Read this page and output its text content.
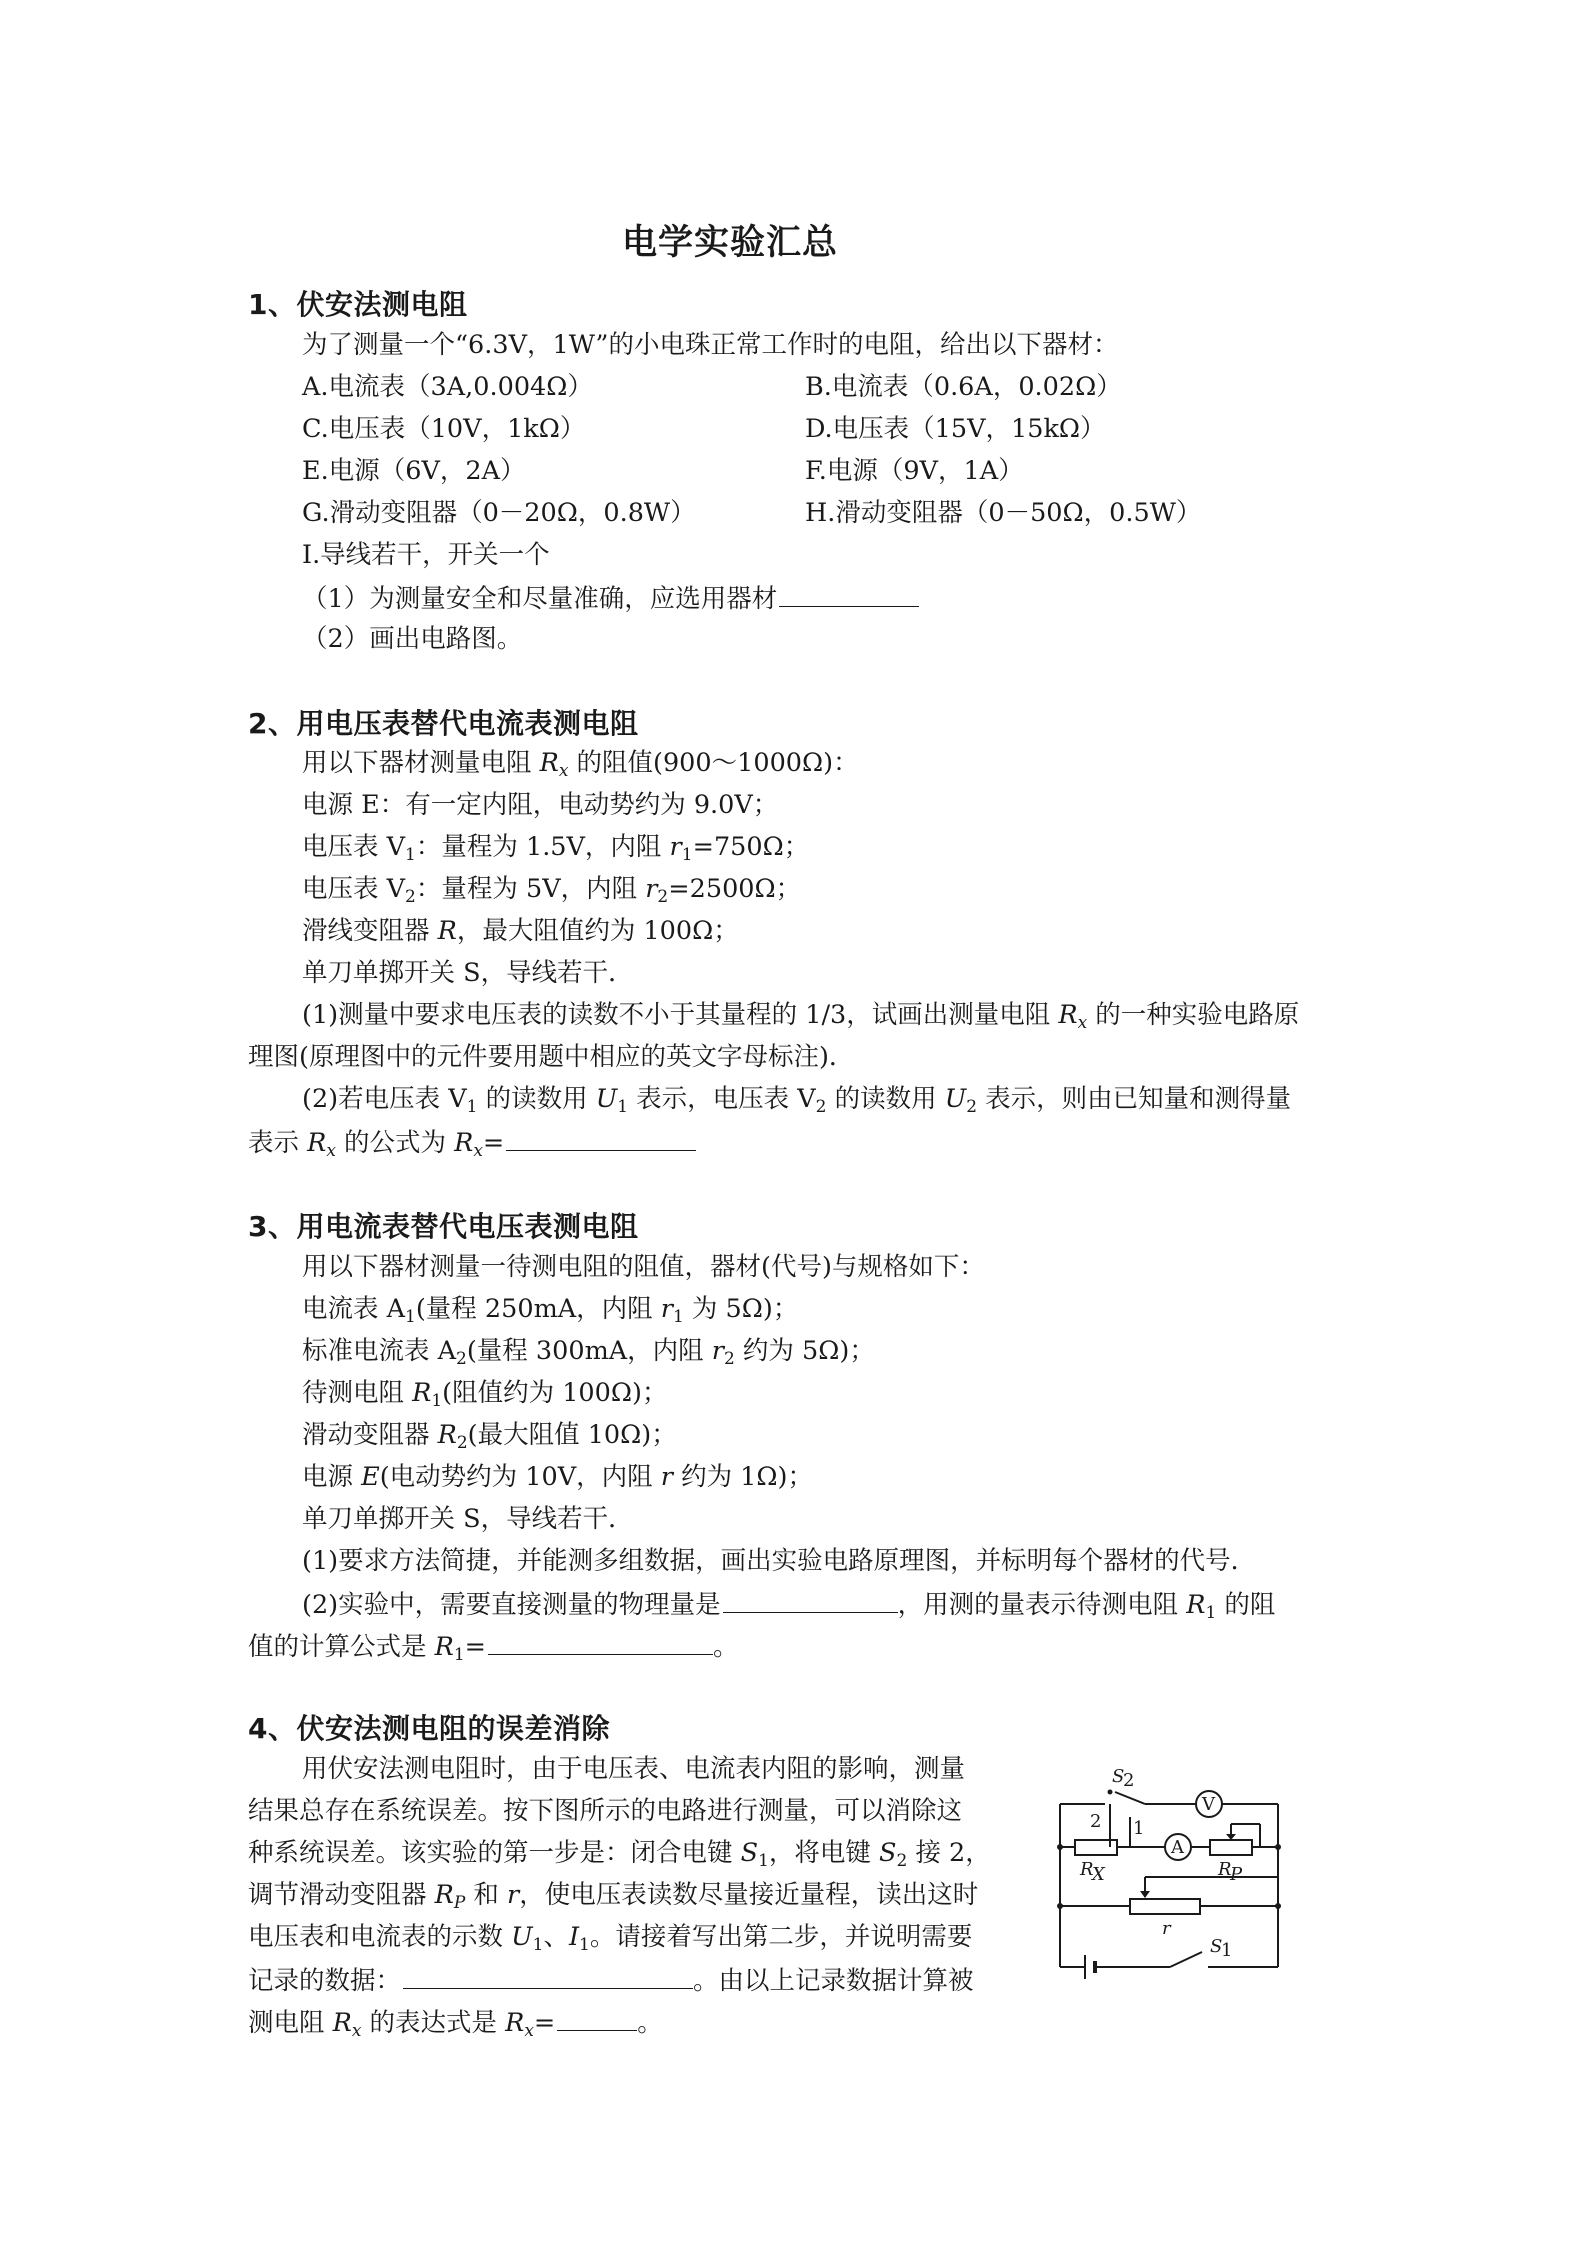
电学实验汇总
1、伏安法测电阻
为了测量一个“6.3V，1W”的小电珠正常工作时的电阻，给出以下器材：
A.电流表（3A,0.004Ω）	B.电流表（0.6A，0.02Ω）
C.电压表（10V，1kΩ）	D.电压表（15V，15kΩ）
E.电源（6V，2A）	F.电源（9V，1A）
G.滑动变阻器（0－20Ω，0.8W）	H.滑动变阻器（0－50Ω，0.5W）
I.导线若干，开关一个
（1）为测量安全和尽量准确，应选用器材
（2）画出电路图。
2、用电压表替代电流表测电阻
用以下器材测量电阻 $R_x$ 的阻值(900～1000Ω)：
电源 E：有一定内阻，电动势约为 9.0V；
电压表 $V_1$：量程为 1.5V，内阻 $r_1=750\Omega$；
电压表 $V_2$：量程为 5V，内阻 $r_2=2500\Omega$；
滑线变阻器 R，最大阻值约为 100Ω；
单刀单掷开关 S，导线若干．
(1)测量中要求电压表的读数不小于其量程的 1/3，试画出测量电阻 $R_x$ 的一种实验电路原
理图(原理图中的元件要用题中相应的英文字母标注)．
(2)若电压表 $V_1$ 的读数用 $U_1$ 表示，电压表 $V_2$ 的读数用 $U_2$ 表示，则由已知量和测得量
表示 $R_x$ 的公式为 $R_x=$
3、用电流表替代电压表测电阻
用以下器材测量一待测电阻的阻值，器材(代号)与规格如下：
电流表 $A_1$(量程 250mA，内阻 $r_1$ 为 5Ω)；
标准电流表 $A_2$(量程 300mA，内阻 $r_2$ 约为 5Ω)；
待测电阻 $R_1$(阻值约为 100Ω)；
滑动变阻器 $R_2$(最大阻值 10Ω)；
电源 E(电动势约为 10V，内阻 r 约为 1Ω)；
单刀单掷开关 S，导线若干．
(1)要求方法简捷，并能测多组数据，画出实验电路原理图，并标明每个器材的代号．
(2)实验中，需要直接测量的物理量是	，用测的量表示待测电阻 $R_1$ 的阻
值的计算公式是 $R_1=$	。
4、伏安法测电阻的误差消除
用伏安法测电阻时，由于电压表、电流表内阻的影响，测量
结果总存在系统误差。按下图所示的电路进行测量，可以消除这
种系统误差。该实验的第一步是：闭合电键 $S_1$，将电键 $S_2$ 接 2，
调节滑动变阻器 $R_P$ 和 r，使电压表读数尽量接近量程，读出这时
电压表和电流表的示数 $U_1$、$I_1$。请接着写出第二步，并说明需要
记录的数据：	。由以上记录数据计算被
测电阻 $R_x$ 的表达式是 $R_x=$	。
S
2
V
A
2 1
R
X	R
P
r
S
1
